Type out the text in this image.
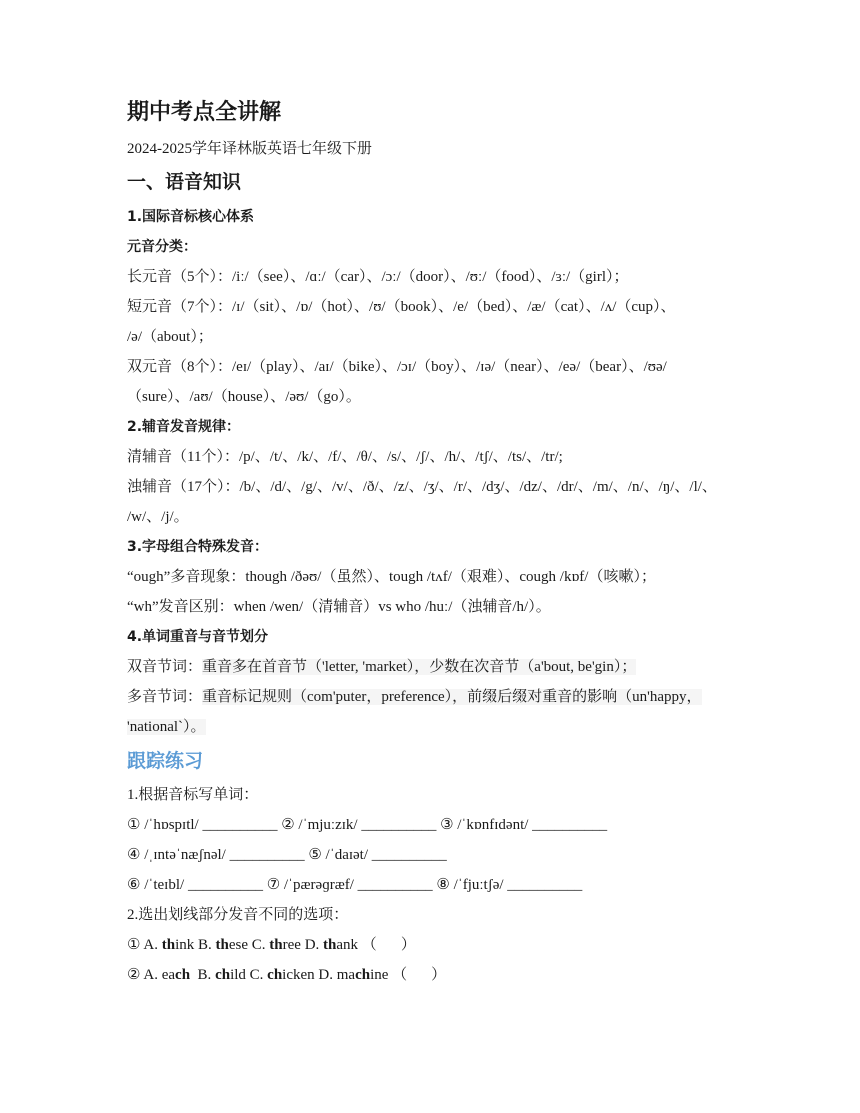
期中考点全讲解
2024-2025学年译林版英语七年级下册
一、语音知识
1.国际音标核心体系
元音分类：
长元音（5个）：/iː/（see）、/ɑː/（car）、/ɔː/（door）、/ʊː/（food）、/ɜː/（girl）；
短元音（7个）：/ɪ/（sit）、/ɒ/（hot）、/ʊ/（book）、/e/（bed）、/æ/（cat）、/ʌ/（cup）、
/ə/（about）；
双元音（8个）：/eɪ/（play）、/aɪ/（bike）、/ɔɪ/（boy）、/ɪə/（near）、/eə/（bear）、/ʊə/
（sure）、/aʊ/（house）、/əʊ/（go）。
2.辅音发音规律：
清辅音（11个）：/p/、/t/、/k/、/f/、/θ/、/s/、/ʃ/、/h/、/tʃ/、/ts/、/tr/;
浊辅音（17个）：/b/、/d/、/g/、/v/、/ð/、/z/、/ʒ/、/r/、/dʒ/、/dz/、/dr/、/m/、/n/、/ŋ/、/l/、
/w/、/j/。
3.字母组合特殊发音：
“ough”多音现象：though /ðəʊ/（虽然）、tough /tʌf/（艰难）、cough /kɒf/（咳嗽）；
“wh”发音区别：when /wen/（清辅音）vs who /huː/（浊辅音/h/）。
4.单词重音与音节划分
双音节词：重音多在首音节（'letter, 'market），少数在次音节（a'bout, be'gin）；
多音节词：重音标记规则（com'puter，preference），前缀后缀对重音的影响（un'happy，
'national`）。
跟踪练习
1.根据音标写单词：
① /ˈhɒspɪtl/ __________ ② /ˈmjuːzɪk/ __________ ③ /ˈkɒnfɪdənt/ __________
④ /ˌɪntəˈnæʃnəl/ __________ ⑤ /ˈdaɪət/ __________
⑥ /ˈteɪbl/ __________ ⑦ /ˈpærəɡræf/ __________ ⑧ /ˈfjuːtʃə/ __________
2.选出划线部分发音不同的选项：
① A. think B. these C. three D. thank （ ）
② A. each B. child C. chicken D. machine （ ）
